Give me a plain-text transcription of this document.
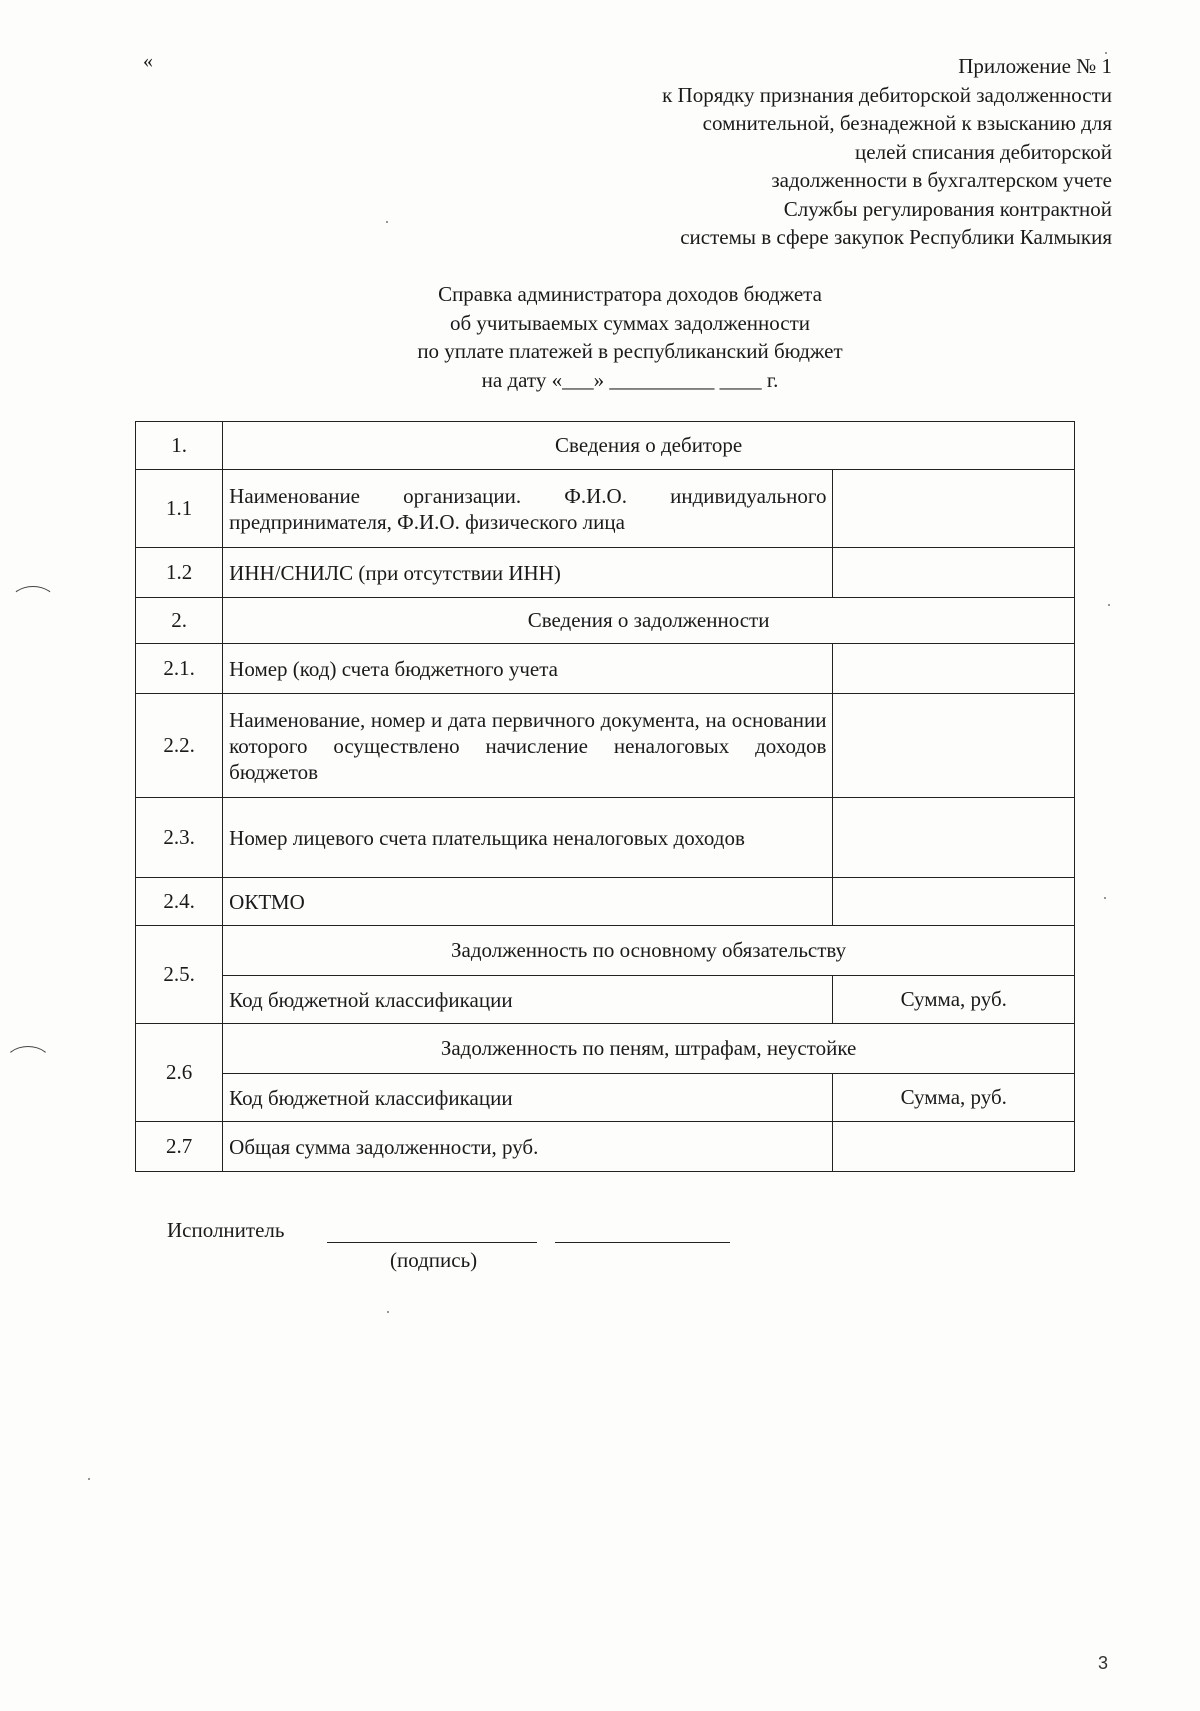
«	Приложение № 1
к Порядку признания дебиторской задолженности
сомнительной, безнадежной к взысканию для
целей списания дебиторской
задолженности в бухгалтерском учете
Службы регулирования контрактной
системы в сфере закупок Республики Калмыкия
Справка администратора доходов бюджета
об учитываемых суммах задолженности
по уплате платежей в республиканский бюджет
на дату «___» __________ ____ г.
1.	Сведения о дебиторе	
1.1	Наименование организации. Ф.И.О. индивидуального предпринимателя, Ф.И.О. физического лица	
1.2	ИНН/СНИЛС (при отсутствии ИНН)	
2.	Сведения о задолженности	
2.1.	Номер (код) счета бюджетного учета	
2.2.	Наименование, номер и дата первичного документа, на основании которого осуществлено начисление неналоговых доходов бюджетов	
2.3.	Номер лицевого счета плательщика неналоговых доходов	
2.4.	ОКТМО	
2.5.	Задолженность по основному обязательству	
	Код бюджетной классификации	Сумма, руб.
2.6	Задолженность по пеням, штрафам, неустойке	
	Код бюджетной классификации	Сумма, руб.
2.7	Общая сумма задолженности, руб.	
Исполнитель
(подпись)
3
